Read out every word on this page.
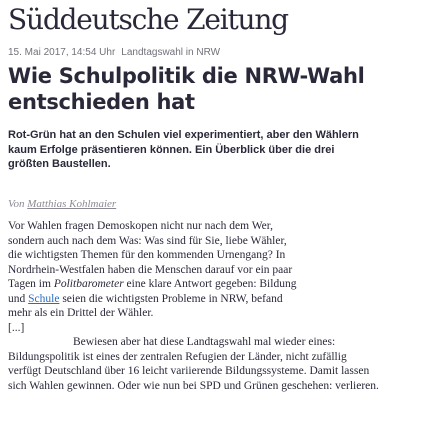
Süddeutsche Zeitung
15. Mai 2017, 14:54 Uhr Landtagswahl in NRW
Wie Schulpolitik die NRW-Wahl
entschieden hat

Rot-Grün hat an den Schulen viel experimentiert, aber den Wählern
kaum Erfolge präsentieren können. Ein Überblick über die drei
größten Baustellen.

Von Matthias Kohlmaier
Vor Wahlen fragen Demoskopen nicht nur nach dem Wer,
sondern auch nach dem Was: Was sind für Sie, liebe Wähler,
die wichtigsten Themen für den kommenden Urnengang? In
Nordrhein-Westfalen haben die Menschen darauf vor ein paar
Tagen im Politbarometer eine klare Antwort gegeben: Bildung
und Schule seien die wichtigsten Probleme in NRW, befand
mehr als ein Drittel der Wähler.
[...]
Bewiesen aber hat diese Landtagswahl mal wieder eines:
Bildungspolitik ist eines der zentralen Refugien der Länder, nicht zufällig
verfügt Deutschland über 16 leicht variierende Bildungssysteme. Damit lassen
sich Wahlen gewinnen. Oder wie nun bei SPD und Grünen geschehen: verlieren.
